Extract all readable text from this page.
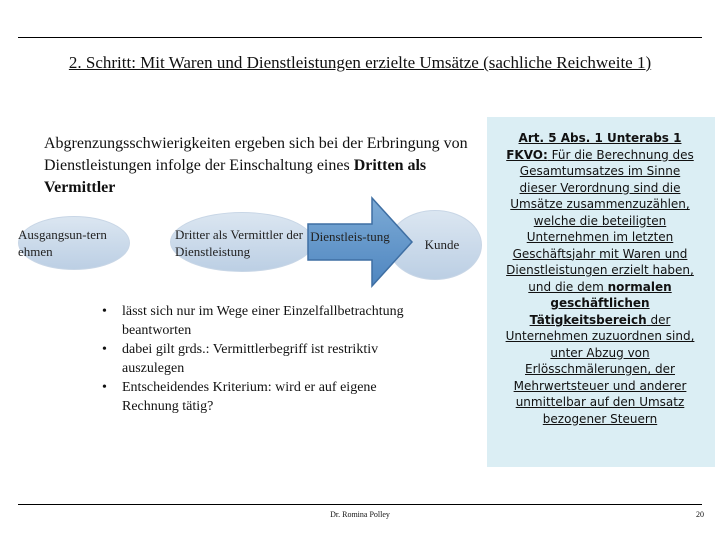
2. Schritt: Mit Waren und Dienstleistungen erzielte Umsätze (sachliche Reichweite 1)

Abgrenzungsschwierigkeiten ergeben sich bei der Erbringung von Dienstleistungen infolge der Einschaltung eines Dritten als Vermittler

Ausgangsun-ternehmen
Dritter als Vermittler der Dienstleistung	Kunde
Dienstleis-tung
• lässt sich nur im Wege einer Einzelfallbetrachtung beantworten
• dabei gilt grds.: Vermittlerbegriff ist restriktiv auszulegen
• Entscheidendes Kriterium: wird er auf eigene Rechnung tätig?

Art. 5 Abs. 1 Unterabs 1 FKVO: Für die Berechnung des Gesamtumsatzes im Sinne dieser Verordnung sind die Umsätze zusammenzuzählen, welche die beteiligten Unternehmen im letzten Geschäftsjahr mit Waren und Dienstleistungen erzielt haben, und die dem normalen geschäftlichen Tätigkeitsbereich der Unternehmen zuzuordnen sind, unter Abzug von Erlösschmälerungen, der Mehrwertsteuer und anderer unmittelbar auf den Umsatz bezogener Steuern

Dr. Romina Polley	20
